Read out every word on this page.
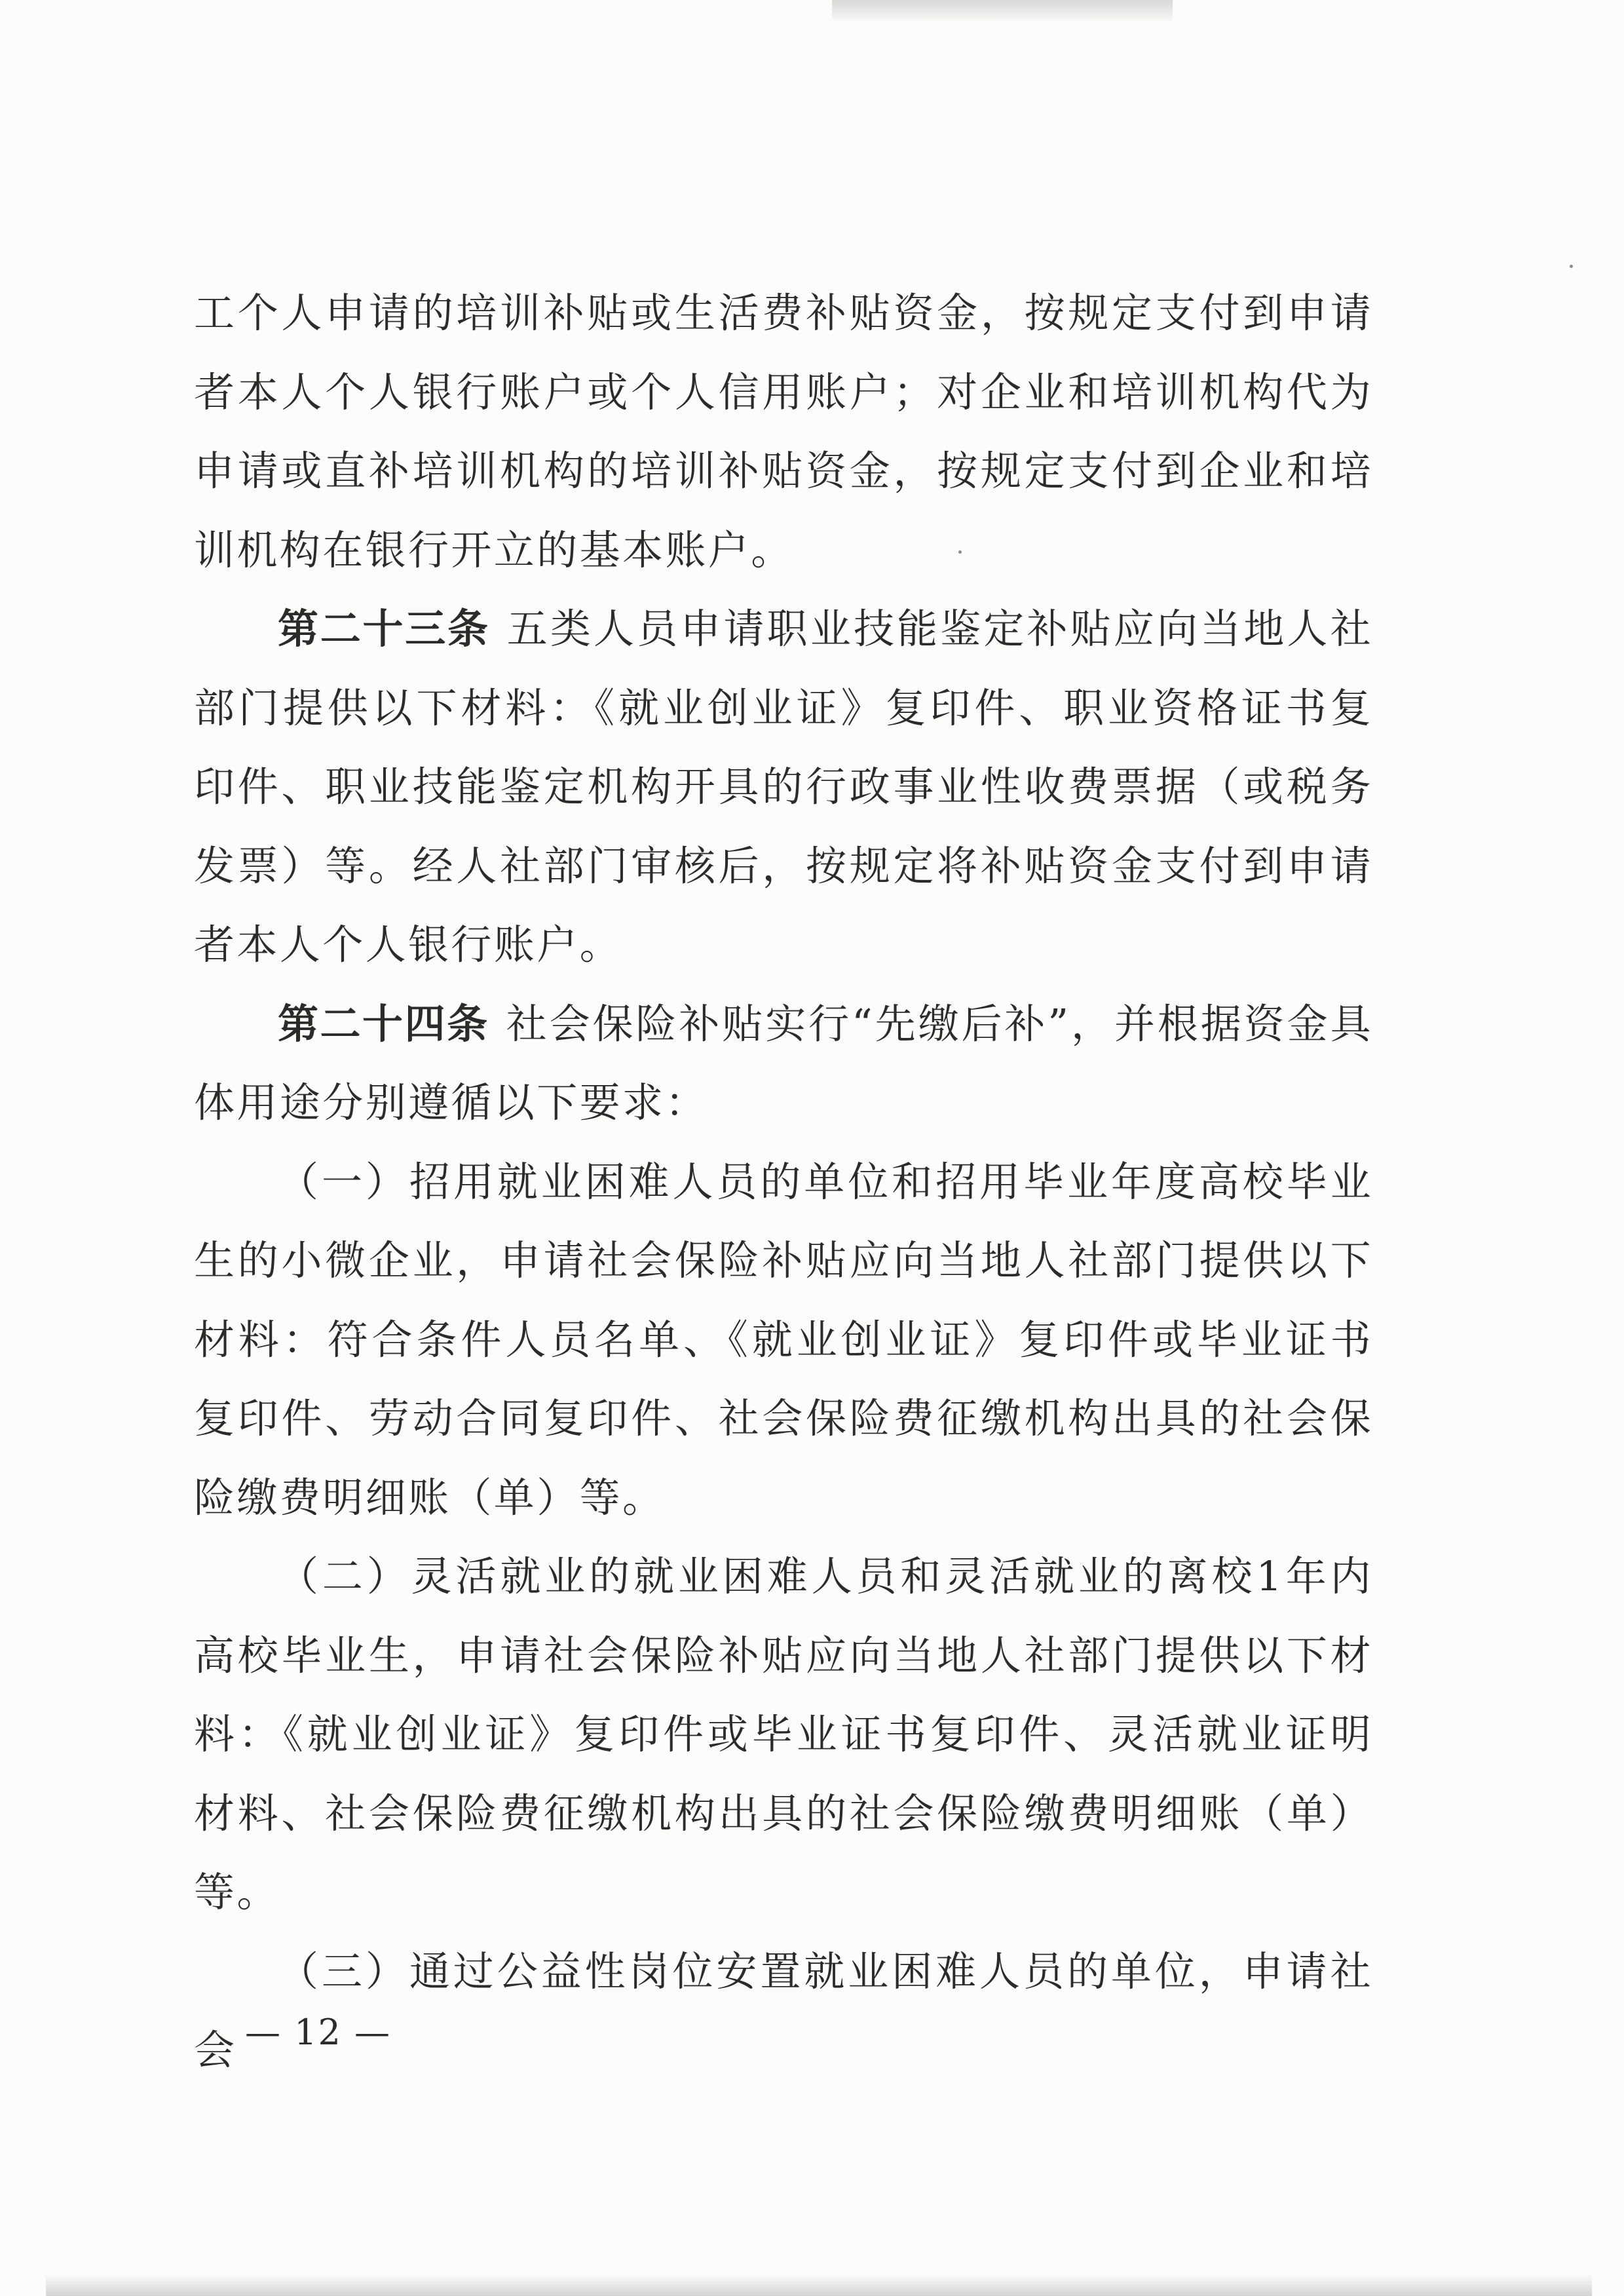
工个人申请的培训补贴或生活费补贴资金，按规定支付到申请者本人个人银行账户或个人信用账户；对企业和培训机构代为申请或直补培训机构的培训补贴资金，按规定支付到企业和培训机构在银行开立的基本账户。

第二十三条 五类人员申请职业技能鉴定补贴应向当地人社部门提供以下材料：《就业创业证》复印件、职业资格证书复印件、职业技能鉴定机构开具的行政事业性收费票据（或税务发票）等。经人社部门审核后，按规定将补贴资金支付到申请者本人个人银行账户。

第二十四条 社会保险补贴实行“先缴后补”，并根据资金具体用途分别遵循以下要求：

（一）招用就业困难人员的单位和招用毕业年度高校毕业生的小微企业，申请社会保险补贴应向当地人社部门提供以下材料：符合条件人员名单、《就业创业证》复印件或毕业证书复印件、劳动合同复印件、社会保险费征缴机构出具的社会保险缴费明细账（单）等。

（二）灵活就业的就业困难人员和灵活就业的离校1年内高校毕业生，申请社会保险补贴应向当地人社部门提供以下材料：《就业创业证》复印件或毕业证书复印件、灵活就业证明材料、社会保险费征缴机构出具的社会保险缴费明细账（单）等。

（三）通过公益性岗位安置就业困难人员的单位，申请社会 — 12 —
